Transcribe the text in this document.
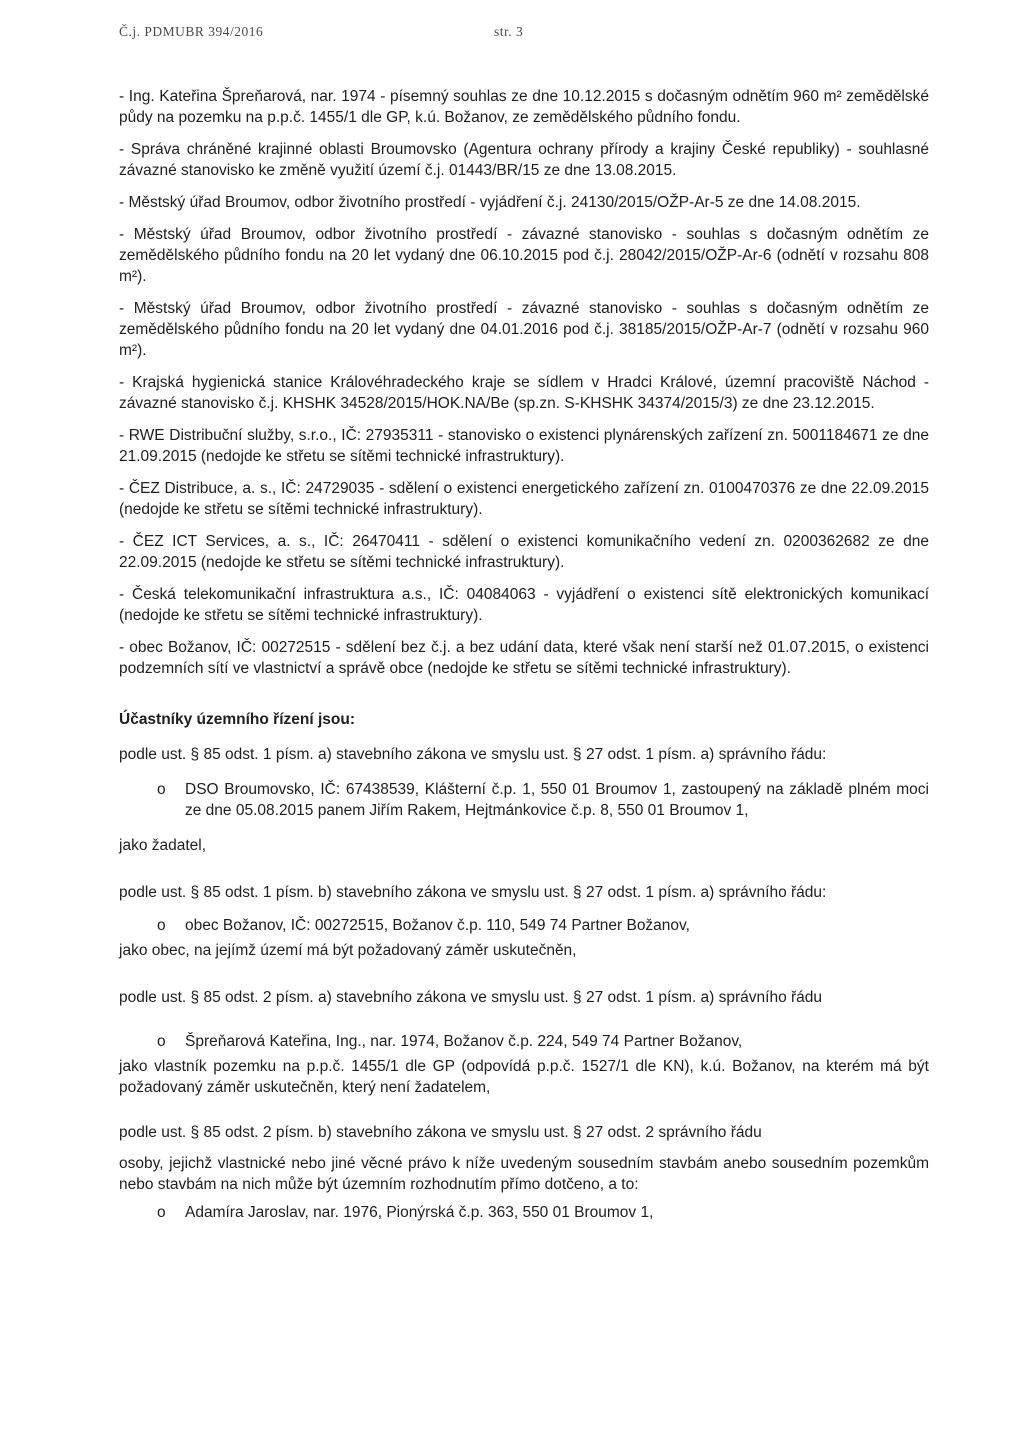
Č.j. PDMUBR 394/2016	str. 3

- Ing. Kateřina Špreňarová, nar. 1974 - písemný souhlas ze dne 10.12.2015 s dočasným odnětím 960 m² zemědělské půdy na pozemku na p.p.č. 1455/1 dle GP, k.ú. Božanov, ze zemědělského půdního fondu.

- Správa chráněné krajinné oblasti Broumovsko (Agentura ochrany přírody a krajiny České republiky) - souhlasné závazné stanovisko ke změně využití území č.j. 01443/BR/15 ze dne 13.08.2015.

- Městský úřad Broumov, odbor životního prostředí - vyjádření č.j. 24130/2015/OŽP-Ar-5 ze dne 14.08.2015.

- Městský úřad Broumov, odbor životního prostředí - závazné stanovisko - souhlas s dočasným odnětím ze zemědělského půdního fondu na 20 let vydaný dne 06.10.2015 pod č.j. 28042/2015/OŽP-Ar-6 (odnětí v rozsahu 808 m²).

- Městský úřad Broumov, odbor životního prostředí - závazné stanovisko - souhlas s dočasným odnětím ze zemědělského půdního fondu na 20 let vydaný dne 04.01.2016 pod č.j. 38185/2015/OŽP-Ar-7 (odnětí v rozsahu 960 m²).

- Krajská hygienická stanice Královéhradeckého kraje se sídlem v Hradci Králové, územní pracoviště Náchod - závazné stanovisko č.j. KHSHK 34528/2015/HOK.NA/Be (sp.zn. S-KHSHK 34374/2015/3) ze dne 23.12.2015.

- RWE Distribuční služby, s.r.o., IČ: 27935311 - stanovisko o existenci plynárenských zařízení zn. 5001184671 ze dne 21.09.2015 (nedojde ke střetu se sítěmi technické infrastruktury).

- ČEZ Distribuce, a. s., IČ: 24729035 - sdělení o existenci energetického zařízení zn. 0100470376 ze dne 22.09.2015 (nedojde ke střetu se sítěmi technické infrastruktury).

- ČEZ ICT Services, a. s., IČ: 26470411 - sdělení o existenci komunikačního vedení zn. 0200362682 ze dne 22.09.2015 (nedojde ke střetu se sítěmi technické infrastruktury).

- Česká telekomunikační infrastruktura a.s., IČ: 04084063 - vyjádření o existenci sítě elektronických komunikací (nedojde ke střetu se sítěmi technické infrastruktury).

- obec Božanov, IČ: 00272515 - sdělení bez č.j. a bez udání data, které však není starší než 01.07.2015, o existenci podzemních sítí ve vlastnictví a správě obce (nedojde ke střetu se sítěmi technické infrastruktury).

Účastníky územního řízení jsou:

podle ust. § 85 odst. 1 písm. a) stavebního zákona ve smyslu ust. § 27 odst. 1 písm. a) správního řádu:

o DSO Broumovsko, IČ: 67438539, Klášterní č.p. 1, 550 01 Broumov 1, zastoupený na základě plném moci ze dne 05.08.2015 panem Jiřím Rakem, Hejtmánkovice č.p. 8, 550 01 Broumov 1,

jako žadatel,

podle ust. § 85 odst. 1 písm. b) stavebního zákona ve smyslu ust. § 27 odst. 1 písm. a) správního řádu:

o obec Božanov, IČ: 00272515, Božanov č.p. 110, 549 74 Partner Božanov,

jako obec, na jejímž území má být požadovaný záměr uskutečněn,

podle ust. § 85 odst. 2 písm. a) stavebního zákona ve smyslu ust. § 27 odst. 1 písm. a) správního řádu

o Špreňarová Kateřina, Ing., nar. 1974, Božanov č.p. 224, 549 74 Partner Božanov,

jako vlastník pozemku na p.p.č. 1455/1 dle GP (odpovídá p.p.č. 1527/1 dle KN), k.ú. Božanov, na kterém má být požadovaný záměr uskutečněn, který není žadatelem,

podle ust. § 85 odst. 2 písm. b) stavebního zákona ve smyslu ust. § 27 odst. 2 správního řádu

osoby, jejichž vlastnické nebo jiné věcné právo k níže uvedeným sousedním stavbám anebo sousedním pozemkům nebo stavbám na nich může být územním rozhodnutím přímo dotčeno, a to:

o Adamíra Jaroslav, nar. 1976, Pionýrská č.p. 363, 550 01 Broumov 1,
